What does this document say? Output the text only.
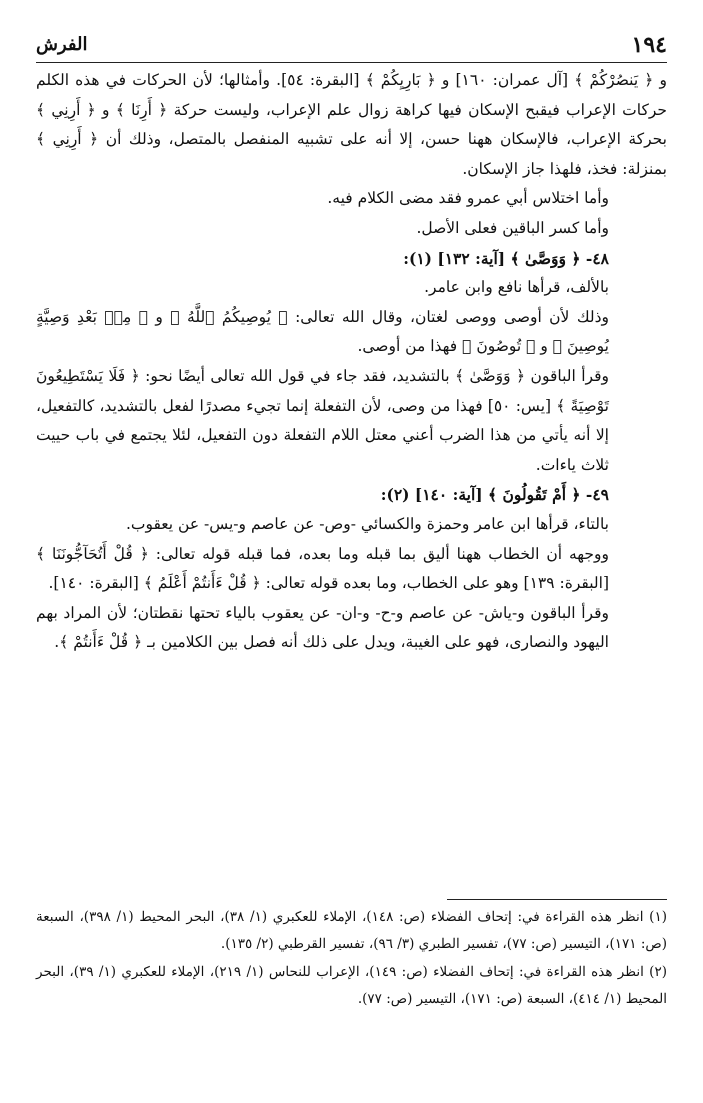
١٩٤
الفرش

و ﴿ يَنصُرْكُمْ ﴾ [آل عمران: ١٦٠] و ﴿ بَارِيِكُمْ ﴾ [البقرة: ٥٤]. وأمثالها؛ لأن الحركات في هذه الكلم حركات الإعراب فيقبح الإسكان فيها كراهة زوال علم الإعراب، وليست حركة ﴿ أَرِنَا ﴾ و ﴿ أَرِنِي ﴾ بحركة الإعراب، فالإسكان ههنا حسن، إلا أنه على تشبيه المنفصل بالمتصل، وذلك أن ﴿ أَرِنِي ﴾ بمنزلة: فخذ، فلهذا جاز الإسكان.

وأما اختلاس أبي عمرو فقد مضى الكلام فيه.

وأما كسر الباقين فعلى الأصل.

٤٨- ﴿ وَوَصَّىٰ ﴾ [آية: ١٣٢] (١):

بالألف، قرأها نافع وابن عامر.

وذلك لأن أوصى ووصى لغتان، وقال الله تعالى: ﴿ يُوصِيكُمُ ٱللَّهُ ﴾ و ﴿ مِنۢ بَعْدِ وَصِيَّةٍ يُوصِينَ ﴾ و ﴿ تُوصُونَ ﴾ فهذا من أوصى.

وقرأ الباقون ﴿ وَوَصَّىٰ ﴾ بالتشديد، فقد جاء في قول الله تعالى أيضًا نحو: ﴿ فَلَا يَسْتَطِيعُونَ تَوْصِيَةً ﴾ [يس: ٥٠] فهذا من وصى، لأن التفعلة إنما تجيء مصدرًا لفعل بالتشديد، كالتفعيل، إلا أنه يأتي من هذا الضرب أعني معتل اللام التفعلة دون التفعيل، لئلا يجتمع في باب حييت ثلاث ياءات.

٤٩- ﴿ أَمْ تَقُولُونَ ﴾ [آية: ١٤٠] (٢):

بالتاء، قرأها ابن عامر وحمزة والكسائي -وص- عن عاصم و-يس- عن يعقوب.

ووجهه أن الخطاب ههنا أليق بما قبله وما بعده، فما قبله قوله تعالى: ﴿ قُلْ أَتُحَآجُّونَنَا ﴾ [البقرة: ١٣٩] وهو على الخطاب، وما بعده قوله تعالى: ﴿ قُلْ ءَأَنتُمْ أَعْلَمُ ﴾ [البقرة: ١٤٠].

وقرأ الباقون و-ياش- عن عاصم و-ح- و-ان- عن يعقوب بالياء تحتها نقطتان؛ لأن المراد بهم اليهود والنصارى، فهو على الغيبة، ويدل على ذلك أنه فصل بين الكلامين بـ ﴿ قُلْ ءَأَنتُمْ ﴾.

(١) انظر هذه القراءة في: إتحاف الفضلاء (ص: ١٤٨)، الإملاء للعكبري (١/ ٣٨)، البحر المحيط (١/ ٣٩٨)، السبعة (ص: ١٧١)، التيسير (ص: ٧٧)، تفسير الطبري (٣/ ٩٦)، تفسير القرطبي (٢/ ١٣٥).

(٢) انظر هذه القراءة في: إتحاف الفضلاء (ص: ١٤٩)، الإعراب للنحاس (١/ ٢١٩)، الإملاء للعكبري (١/ ٣٩)، البحر المحيط (١/ ٤١٤)، السبعة (ص: ١٧١)، التيسير (ص: ٧٧).
